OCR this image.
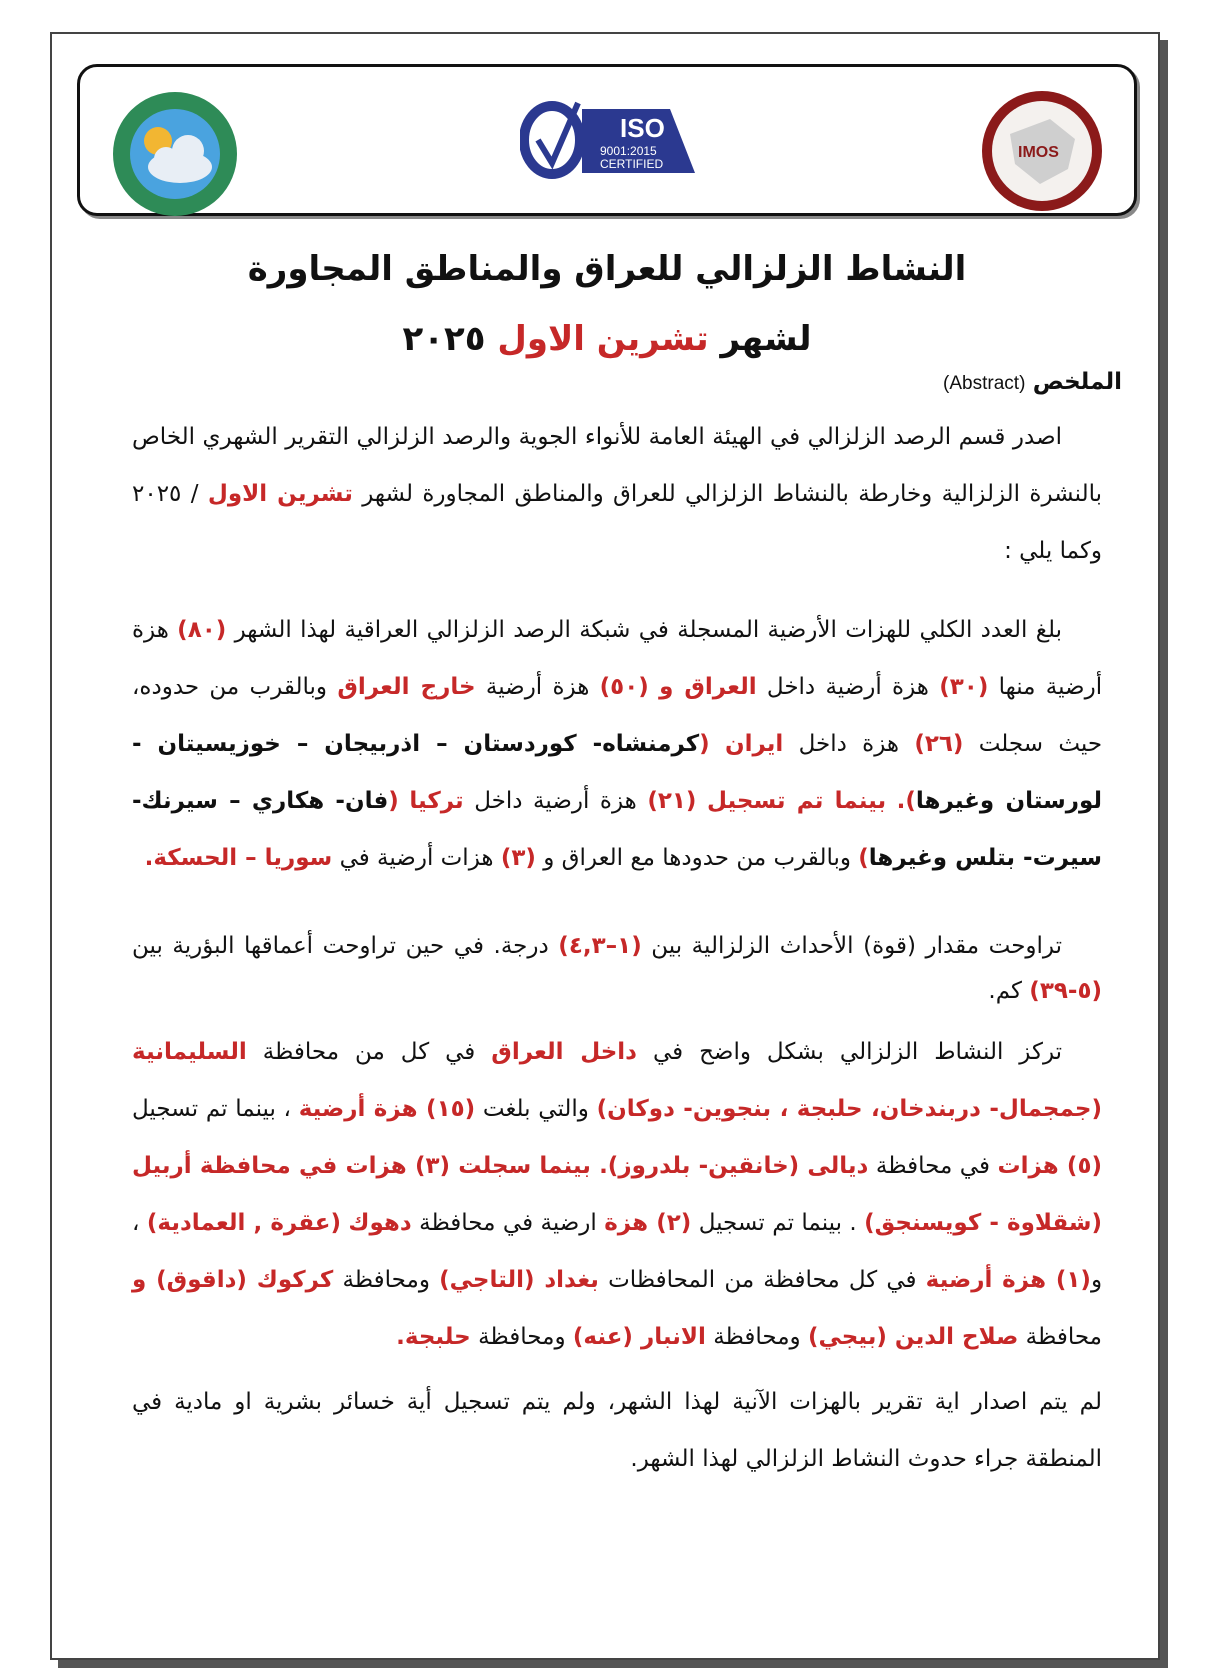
ISO
9001:2015
CERTIFIED
IMOS
النشاط الزلزالي للعراق والمناطق المجاورة
لشهر تشرين الاول ٢٠٢٥
الملخص (Abstract)
اصدر قسم الرصد الزلزالي في الهيئة العامة للأنواء الجوية والرصد الزلزالي التقرير الشهري الخاص بالنشرة الزلزالية وخارطة بالنشاط الزلزالي للعراق والمناطق المجاورة لشهر تشرين الاول / ٢٠٢٥ وكما يلي :
بلغ العدد الكلي للهزات الأرضية المسجلة في شبكة الرصد الزلزالي العراقية لهذا الشهر (٨٠) هزة أرضية منها (٣٠) هزة أرضية داخل العراق و (٥٠) هزة أرضية خارج العراق وبالقرب من حدوده، حيث سجلت (٢٦) هزة داخل ايران (كرمنشاه- كوردستان – اذربيجان – خوزيسيتان - لورستان وغيرها). بينما تم تسجيل (٢١) هزة أرضية داخل تركيا (فان- هكاري – سيرنك-سيرت- بتلس وغيرها) وبالقرب من حدودها مع العراق و (٣) هزات أرضية في سوريا – الحسكة.
تراوحت مقدار (قوة) الأحداث الزلزالية بين (١–٤,٣) درجة. في حين تراوحت أعماقها البؤرية بين (٥-٣٩) كم.
تركز النشاط الزلزالي بشكل واضح في داخل العراق في كل من محافظة السليمانية (جمجمال- دربندخان، حلبجة ، بنجوين- دوكان) والتي بلغت (١٥) هزة أرضية ، بينما تم تسجيل (٥) هزات في محافظة ديالى (خانقين- بلدروز). بينما سجلت (٣) هزات في محافظة أربيل (شقلاوة - كويسنجق) . بينما تم تسجيل (٢) هزة ارضية في محافظة دهوك (عقرة , العمادية) ، و(١) هزة أرضية في كل محافظة من المحافظات بغداد (التاجي) ومحافظة كركوك (داقوق) و محافظة صلاح الدين (بيجي) ومحافظة الانبار (عنه) ومحافظة حلبجة.
لم يتم اصدار اية تقرير بالهزات الآنية لهذا الشهر، ولم يتم تسجيل أية خسائر بشرية او مادية في المنطقة جراء حدوث النشاط الزلزالي لهذا الشهر.
